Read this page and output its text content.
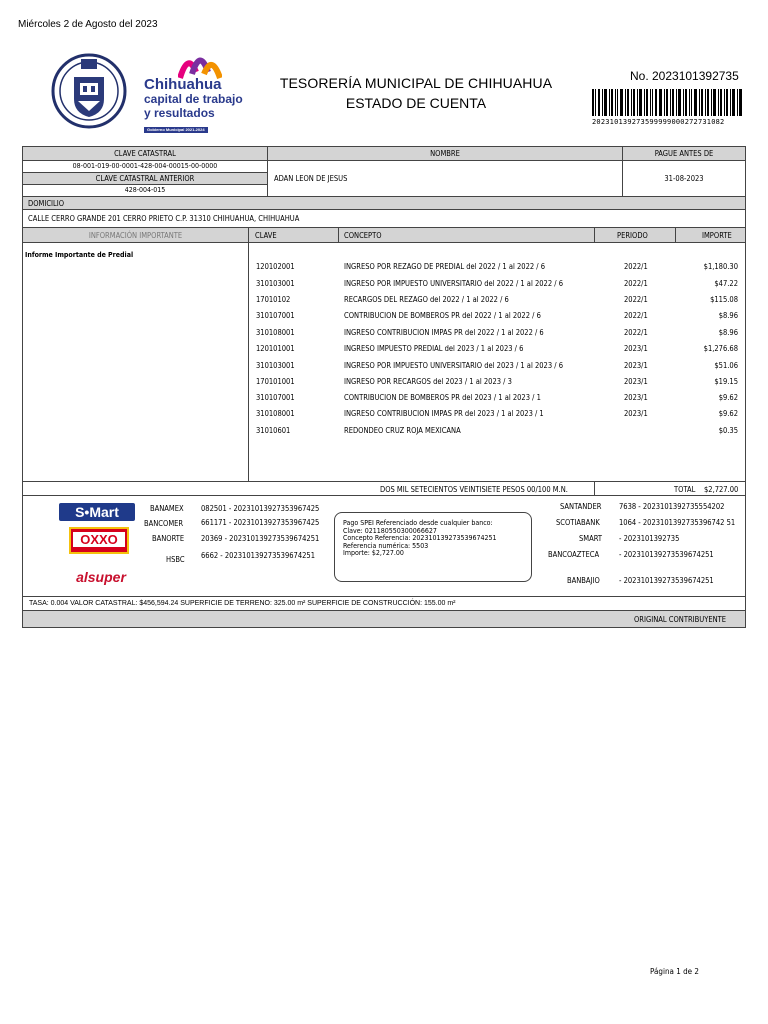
Miércoles 2 de Agosto del 2023
Chihuahua
capital de trabajo
y resultados
Gobierno Municipal 2021-2024
TESORERÍA MUNICIPAL DE CHIHUAHUA
ESTADO DE CUENTA
No. 2023101392735
202310139273599999000272731082
CLAVE CATASTRAL	NOMBRE	PAGUE ANTES DE
08-001-019-00-0001-428-004-00015-00-0000
CLAVE CATASTRAL ANTERIOR
428-004-015
ADAN LEON DE JESUS	31-08-2023
DOMICILIO
CALLE CERRO GRANDE 201 CERRO PRIETO C.P. 31310 CHIHUAHUA, CHIHUAHUA
INFORMACIÓN IMPORTANTE	CLAVE	CONCEPTO	PERIODO	IMPORTE
Informe Importante de Predial
120102001	INGRESO POR REZAGO DE PREDIAL del 2022 / 1 al 2022 / 6	2022/1	$1,180.30
310103001	INGRESO POR IMPUESTO UNIVERSITARIO del 2022 / 1 al 2022 / 6	2022/1	$47.22
17010102	RECARGOS DEL REZAGO del 2022 / 1 al 2022 / 6	2022/1	$115.08
310107001	CONTRIBUCION DE BOMBEROS PR del 2022 / 1 al 2022 / 6	2022/1	$8.96
310108001	INGRESO CONTRIBUCION IMPAS PR del 2022 / 1 al 2022 / 6	2022/1	$8.96
120101001	INGRESO IMPUESTO PREDIAL del 2023 / 1 al 2023 / 6	2023/1	$1,276.68
310103001	INGRESO POR IMPUESTO UNIVERSITARIO del 2023 / 1 al 2023 / 6	2023/1	$51.06
170101001	INGRESO POR RECARGOS del 2023 / 1 al 2023 / 3	2023/1	$19.15
310107001	CONTRIBUCION DE BOMBEROS PR del 2023 / 1 al 2023 / 1	2023/1	$9.62
310108001	INGRESO CONTRIBUCION IMPAS PR del 2023 / 1 al 2023 / 1	2023/1	$9.62
31010601	REDONDEO CRUZ ROJA MEXICANA	$0.35
DOS MIL SETECIENTOS VEINTISIETE PESOS 00/100 M.N.	TOTAL $2,727.00
S•Mart
OXXO
alsuper
BANAMEX 082501 - 20231013927353967425
BANCOMER 661171 - 20231013927353967425
BANORTE 20369 - 202310139273539674251
HSBC 6662 - 202310139273539674251
Pago SPEI Referenciado desde cualquier banco:
Clave: 021180550300066627
Concepto Referencia: 202310139273539674251
Referencia numérica: 5503
Importe: $2,727.00
SANTANDER 7638 - 2023101392735554202
SCOTIABANK	1064 - 2023101392735396742 51
SMART - 2023101392735
BANCOAZTECA	- 202310139273539674251
BANBAJIO	- 202310139273539674251
TASA: 0.004 VALOR CATASTRAL: $456,594.24 SUPERFICIE DE TERRENO: 325.00 m² SUPERFICIE DE CONSTRUCCIÓN: 155.00 m²
ORIGINAL CONTRIBUYENTE
Página 1 de 2
